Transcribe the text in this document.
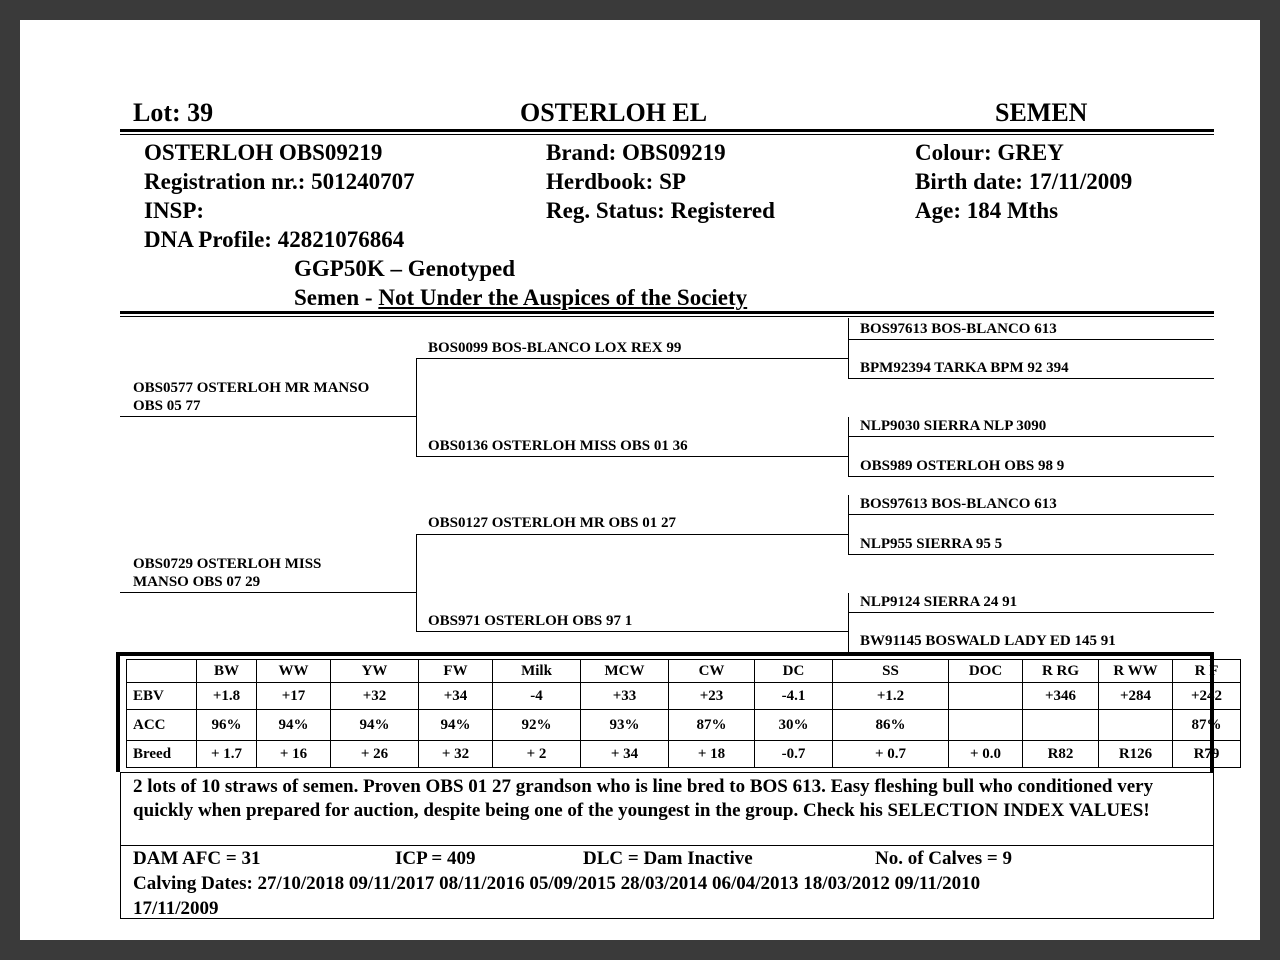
Lot: 39	OSTERLOH EL	SEMEN
OSTERLOH OBS09219
Registration nr.: 501240707
INSP:
DNA Profile: 42821076864
GGP50K – Genotyped
Semen - Not Under the Auspices of the Society
Brand: OBS09219
Herdbook: SP
Reg. Status: Registered
Colour: GREY
Birth date: 17/11/2009
Age: 184 Mths
OBS0577 OSTERLOH MR MANSO
OBS 05 77
OBS0729 OSTERLOH MISS
MANSO OBS 07 29
BOS0099 BOS-BLANCO LOX REX 99
OBS0136 OSTERLOH MISS OBS 01 36
OBS0127 OSTERLOH MR OBS 01 27
OBS971 OSTERLOH OBS 97 1
BOS97613 BOS-BLANCO 613
BPM92394 TARKA BPM 92 394
NLP9030 SIERRA NLP 3090
OBS989 OSTERLOH OBS 98 9
BOS97613 BOS-BLANCO 613
NLP955 SIERRA 95 5
NLP9124 SIERRA 24 91
BW91145 BOSWALD LADY ED 145 91
	BW	WW	YW	FW	Milk	MCW	CW	DC	SS	DOC	R RG	R WW	R F
EBV	+1.8	+17	+32	+34	-4	+33	+23	-4.1	+1.2		+346	+284	+242
ACC	96%	94%	94%	94%	92%	93%	87%	30%	86%				87%
Breed	+ 1.7	+ 16	+ 26	+ 32	+ 2	+ 34	+ 18	-0.7	+ 0.7	+ 0.0	R82	R126	R79
2 lots of 10 straws of semen. Proven OBS 01 27 grandson who is line bred to BOS 613. Easy fleshing bull who conditioned very quickly when prepared for auction, despite being one of the youngest in the group. Check his SELECTION INDEX VALUES!
DAM AFC = 31	ICP = 409	DLC = Dam Inactive	No. of Calves = 9
Calving Dates: 27/10/2018 09/11/2017 08/11/2016 05/09/2015 28/03/2014 06/04/2013 18/03/2012 09/11/2010
17/11/2009
